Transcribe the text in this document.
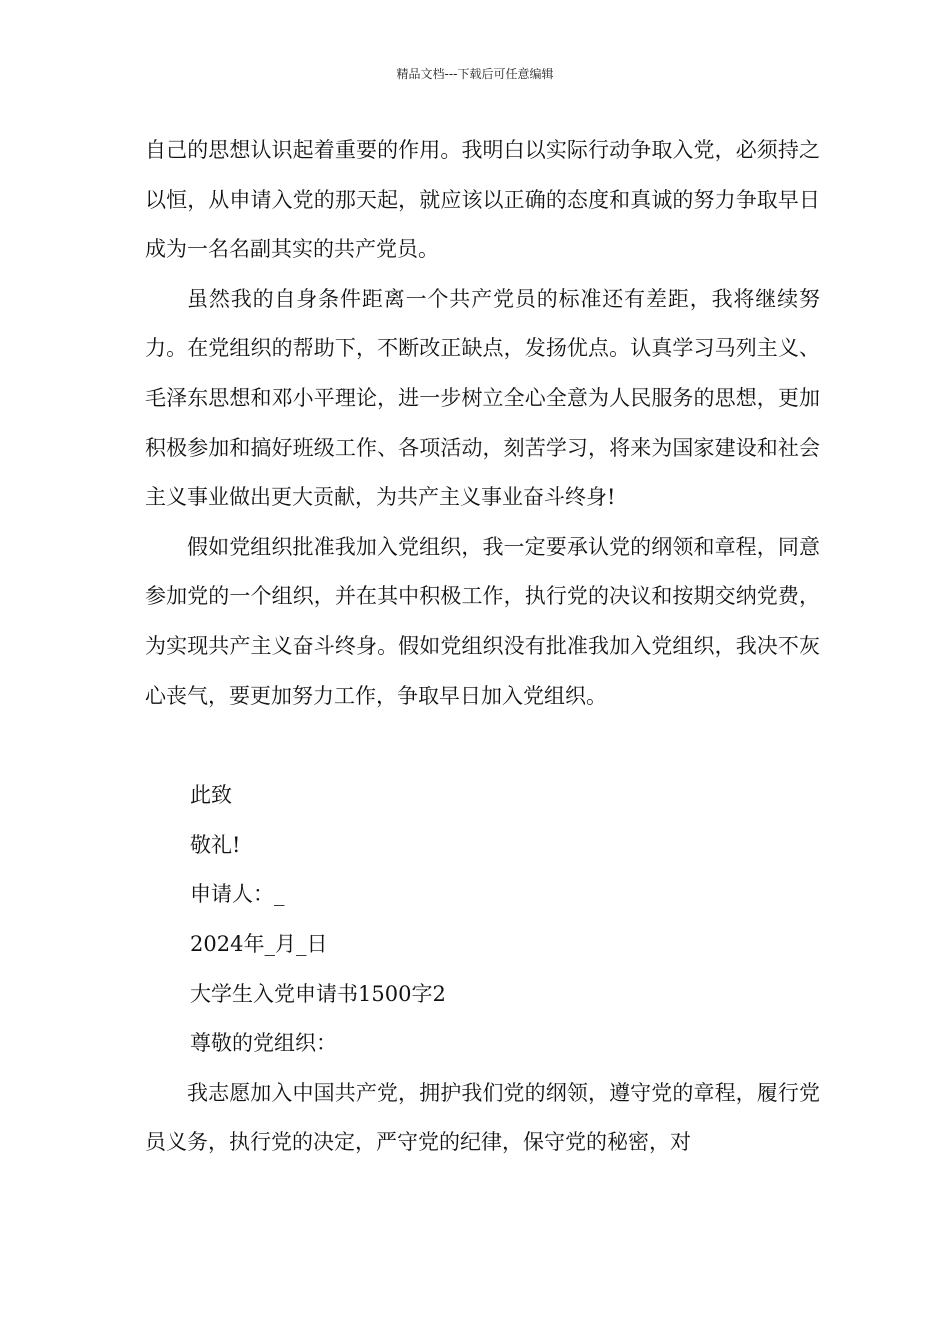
精品文档---下载后可任意编辑

自己的思想认识起着重要的作用。我明白以实际行动争取入党，必须持之以恒，从申请入党的那天起，就应该以正确的态度和真诚的努力争取早日成为一名名副其实的共产党员。

虽然我的自身条件距离一个共产党员的标准还有差距，我将继续努力。在党组织的帮助下，不断改正缺点，发扬优点。认真学习马列主义、毛泽东思想和邓小平理论，进一步树立全心全意为人民服务的思想，更加积极参加和搞好班级工作、各项活动，刻苦学习，将来为国家建设和社会主义事业做出更大贡献，为共产主义事业奋斗终身!

假如党组织批准我加入党组织，我一定要承认党的纲领和章程，同意参加党的一个组织，并在其中积极工作，执行党的决议和按期交纳党费，为实现共产主义奋斗终身。假如党组织没有批准我加入党组织，我决不灰心丧气，要更加努力工作，争取早日加入党组织。

此致

敬礼!

申请人：_

2024年_月_日

大学生入党申请书1500字2

尊敬的党组织：

我志愿加入中国共产党，拥护我们党的纲领，遵守党的章程，履行党员义务，执行党的决定，严守党的纪律，保守党的秘密，对
